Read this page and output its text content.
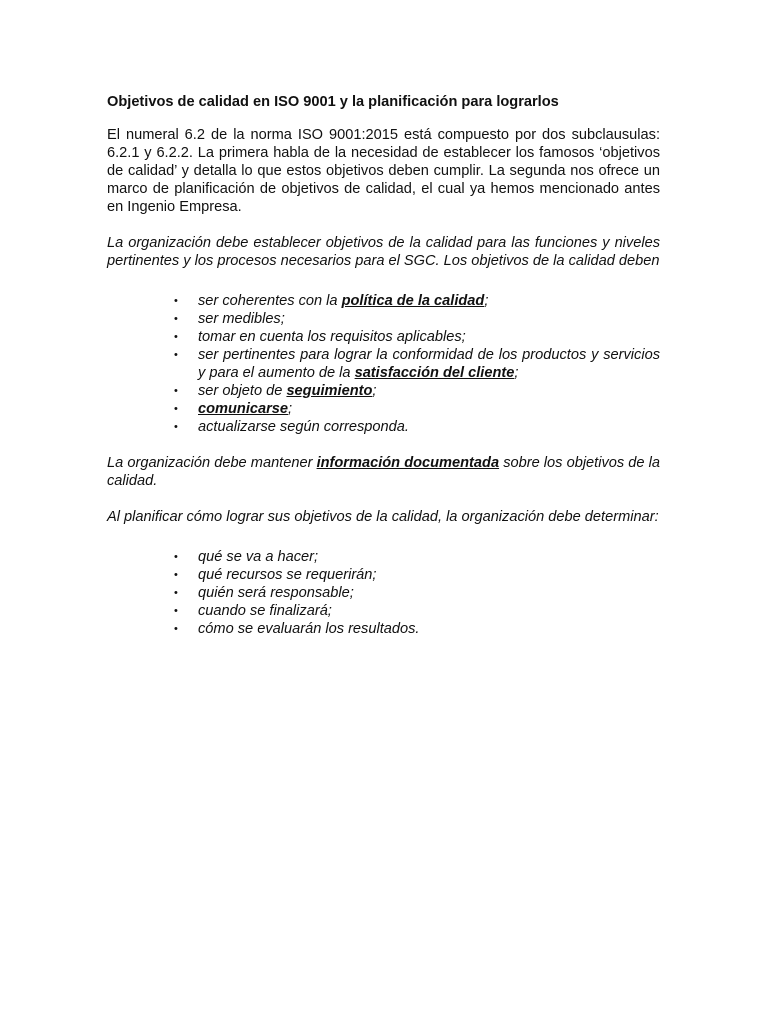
Objetivos de calidad en ISO 9001 y la planificación para lograrlos
El numeral 6.2 de la norma ISO 9001:2015 está compuesto por dos subclausulas: 6.2.1 y 6.2.2. La primera habla de la necesidad de establecer los famosos ‘objetivos de calidad’ y detalla lo que estos objetivos deben cumplir. La segunda nos ofrece un marco de planificación de objetivos de calidad, el cual ya hemos mencionado antes en Ingenio Empresa.
La organización debe establecer objetivos de la calidad para las funciones y niveles pertinentes y los procesos necesarios para el SGC. Los objetivos de la calidad deben
• ser coherentes con la política de la calidad;
• ser medibles;
• tomar en cuenta los requisitos aplicables;
• ser pertinentes para lograr la conformidad de los productos y servicios y para el aumento de la satisfacción del cliente;
• ser objeto de seguimiento;
• comunicarse;
• actualizarse según corresponda.
La organización debe mantener información documentada sobre los objetivos de la calidad.
Al planificar cómo lograr sus objetivos de la calidad, la organización debe determinar:
• qué se va a hacer;
• qué recursos se requerirán;
• quién será responsable;
• cuando se finalizará;
• cómo se evaluarán los resultados.
